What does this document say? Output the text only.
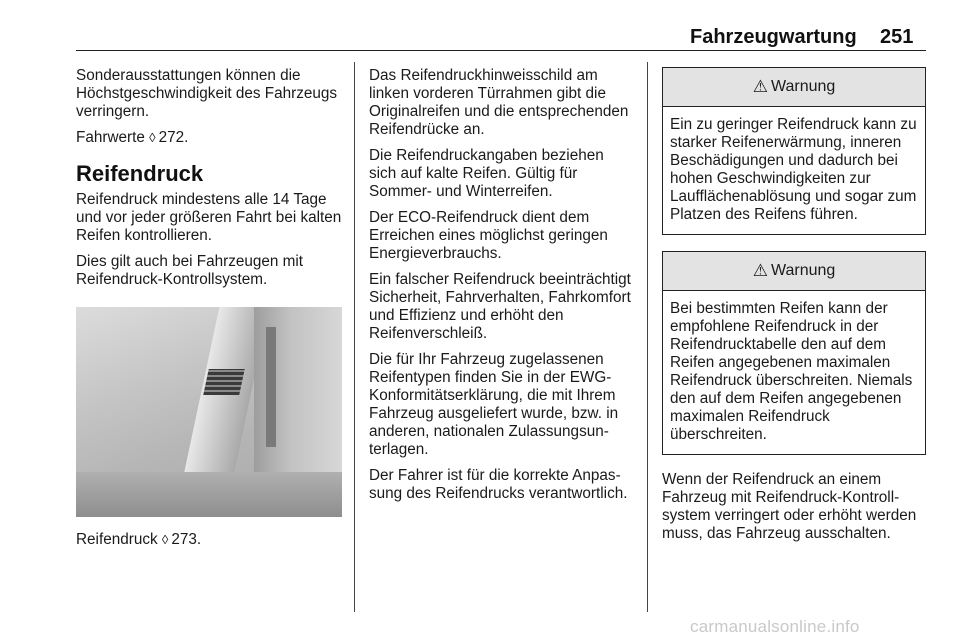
Fahrzeugwartung 251

Sonderausstattungen können die Höchstgeschwindigkeit des Fahrzeugs verringern.

Fahrwerte ◊  272.

Reifendruck

Reifendruck mindestens alle 14 Tage und vor jeder größeren Fahrt bei kalten Reifen kontrollieren.

Dies gilt auch bei Fahrzeugen mit Reifendruck-Kontrollsystem.

Reifendruck ◊  273.

Das Reifendruckhinweisschild am linken vorderen Türrahmen gibt die Originalreifen und die entsprechenden Reifendrücke an.

Die Reifendruckangaben beziehen sich auf kalte Reifen. Gültig für Sommer- und Winterreifen.

Der ECO-Reifendruck dient dem Erreichen eines möglichst geringen Energieverbrauchs.

Ein falscher Reifendruck beeinträchtigt Sicherheit, Fahrverhalten, Fahrkomfort und Effizienz und erhöht den Reifenverschleiß.

Die für Ihr Fahrzeug zugelassenen Reifentypen finden Sie in der EWG-Konformitätserklärung, die mit Ihrem Fahrzeug ausgeliefert wurde, bzw. in anderen, nationalen Zulassungsunterlagen.

Der Fahrer ist für die korrekte Anpassung des Reifendrucks verantwortlich.

⚠ Warnung
Ein zu geringer Reifendruck kann zu starker Reifenerwärmung, inneren Beschädigungen und dadurch bei hohen Geschwindigkeiten zur Laufflächenablösung und sogar zum Platzen des Reifens führen.
⚠ Warnung
Bei bestimmten Reifen kann der empfohlene Reifendruck in der Reifendrucktabelle den auf dem Reifen angegebenen maximalen Reifendruck überschreiten. Niemals den auf dem Reifen angegebenen maximalen Reifendruck überschreiten.

Wenn der Reifendruck an einem Fahrzeug mit Reifendruck-Kontrollsystem verringert oder erhöht werden muss, das Fahrzeug ausschalten.

carmanualsonline.info
